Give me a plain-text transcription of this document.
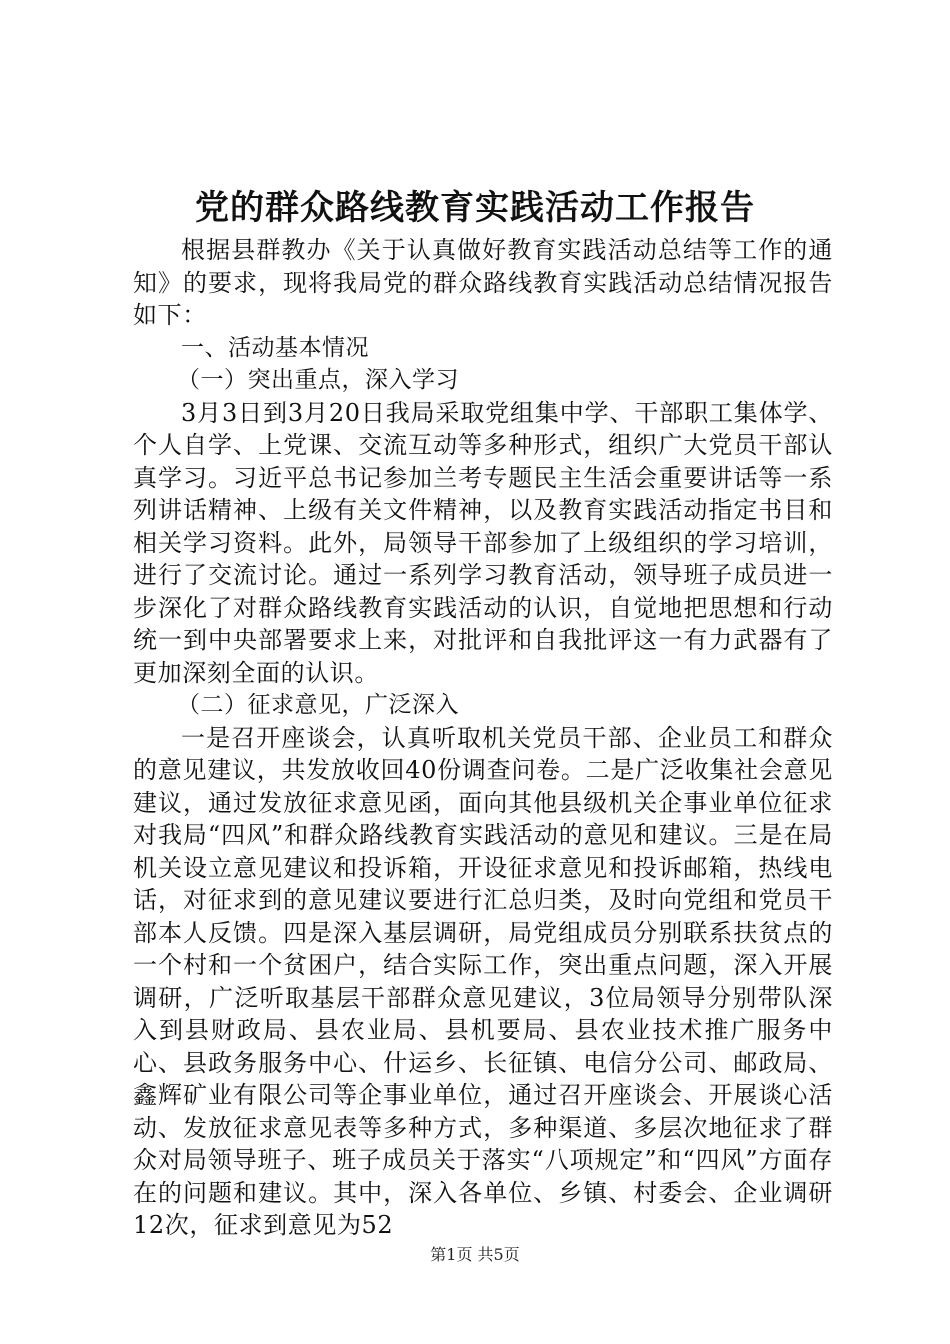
党的群众路线教育实践活动工作报告

根据县群教办《关于认真做好教育实践活动总结等工作的通知》的要求，现将我局党的群众路线教育实践活动总结情况报告如下：

一、活动基本情况

（一）突出重点，深入学习

3月3日到3月20日我局采取党组集中学、干部职工集体学、个人自学、上党课、交流互动等多种形式，组织广大党员干部认真学习。习近平总书记参加兰考专题民主生活会重要讲话等一系列讲话精神、上级有关文件精神，以及教育实践活动指定书目和相关学习资料。此外，局领导干部参加了上级组织的学习培训，进行了交流讨论。通过一系列学习教育活动，领导班子成员进一步深化了对群众路线教育实践活动的认识，自觉地把思想和行动统一到中央部署要求上来，对批评和自我批评这一有力武器有了更加深刻全面的认识。

（二）征求意见，广泛深入

一是召开座谈会，认真听取机关党员干部、企业员工和群众的意见建议，共发放收回40份调查问卷。二是广泛收集社会意见建议，通过发放征求意见函，面向其他县级机关企事业单位征求对我局“四风”和群众路线教育实践活动的意见和建议。三是在局机关设立意见建议和投诉箱，开设征求意见和投诉邮箱，热线电话，对征求到的意见建议要进行汇总归类，及时向党组和党员干部本人反馈。四是深入基层调研，局党组成员分别联系扶贫点的一个村和一个贫困户，结合实际工作，突出重点问题，深入开展调研，广泛听取基层干部群众意见建议，3位局领导分别带队深入到县财政局、县农业局、县机要局、县农业技术推广服务中心、县政务服务中心、什运乡、长征镇、电信分公司、邮政局、鑫辉矿业有限公司等企事业单位，通过召开座谈会、开展谈心活动、发放征求意见表等多种方式，多种渠道、多层次地征求了群众对局领导班子、班子成员关于落实“八项规定”和“四风”方面存在的问题和建议。其中，深入各单位、乡镇、村委会、企业调研12次，征求到意见为52

第1页 共5页
